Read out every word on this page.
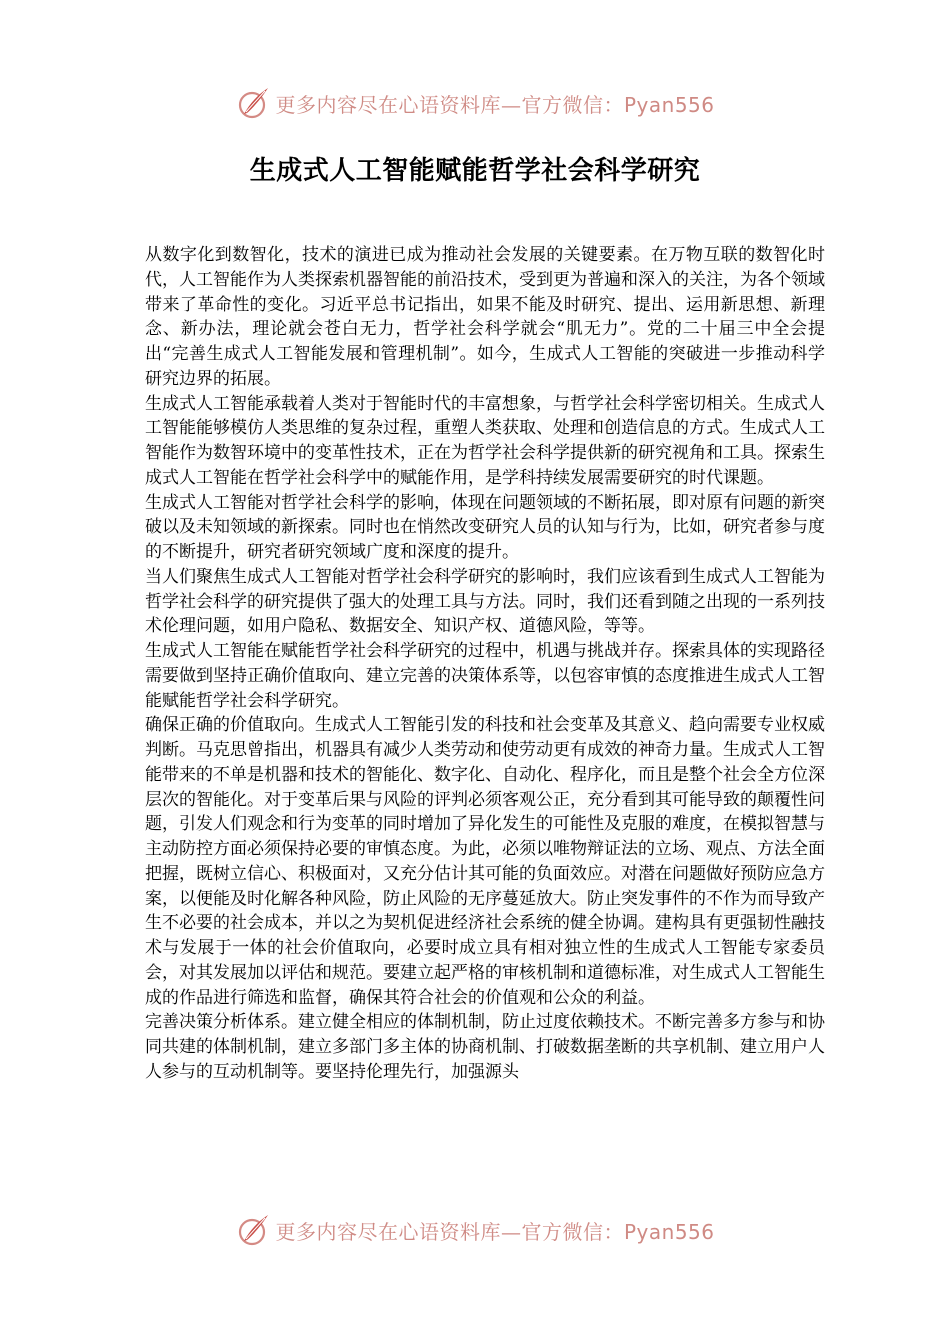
更多内容尽在心语资料库—官方微信：Pyan556
生成式人工智能赋能哲学社会科学研究

从数字化到数智化，技术的演进已成为推动社会发展的关键要素。在万物互联的数智化时代，人工智能作为人类探索机器智能的前沿技术，受到更为普遍和深入的关注，为各个领域带来了革命性的变化。习近平总书记指出，如果不能及时研究、提出、运用新思想、新理念、新办法，理论就会苍白无力，哲学社会科学就会“肌无力”。党的二十届三中全会提出“完善生成式人工智能发展和管理机制”。如今，生成式人工智能的突破进一步推动科学研究边界的拓展。

生成式人工智能承载着人类对于智能时代的丰富想象，与哲学社会科学密切相关。生成式人工智能能够模仿人类思维的复杂过程，重塑人类获取、处理和创造信息的方式。生成式人工智能作为数智环境中的变革性技术，正在为哲学社会科学提供新的研究视角和工具。探索生成式人工智能在哲学社会科学中的赋能作用，是学科持续发展需要研究的时代课题。

生成式人工智能对哲学社会科学的影响，体现在问题领域的不断拓展，即对原有问题的新突破以及未知领域的新探索。同时也在悄然改变研究人员的认知与行为，比如，研究者参与度的不断提升，研究者研究领域广度和深度的提升。

当人们聚焦生成式人工智能对哲学社会科学研究的影响时，我们应该看到生成式人工智能为哲学社会科学的研究提供了强大的处理工具与方法。同时，我们还看到随之出现的一系列技术伦理问题，如用户隐私、数据安全、知识产权、道德风险，等等。

生成式人工智能在赋能哲学社会科学研究的过程中，机遇与挑战并存。探索具体的实现路径需要做到坚持正确价值取向、建立完善的决策体系等，以包容审慎的态度推进生成式人工智能赋能哲学社会科学研究。

确保正确的价值取向。生成式人工智能引发的科技和社会变革及其意义、趋向需要专业权威判断。马克思曾指出，机器具有减少人类劳动和使劳动更有成效的神奇力量。生成式人工智能带来的不单是机器和技术的智能化、数字化、自动化、程序化，而且是整个社会全方位深层次的智能化。对于变革后果与风险的评判必须客观公正，充分看到其可能导致的颠覆性问题，引发人们观念和行为变革的同时增加了异化发生的可能性及克服的难度，在模拟智慧与主动防控方面必须保持必要的审慎态度。为此，必须以唯物辩证法的立场、观点、方法全面把握，既树立信心、积极面对，又充分估计其可能的负面效应。对潜在问题做好预防应急方案，以便能及时化解各种风险，防止风险的无序蔓延放大。防止突发事件的不作为而导致产生不必要的社会成本，并以之为契机促进经济社会系统的健全协调。建构具有更强韧性融技术与发展于一体的社会价值取向，必要时成立具有相对独立性的生成式人工智能专家委员会，对其发展加以评估和规范。要建立起严格的审核机制和道德标准，对生成式人工智能生成的作品进行筛选和监督，确保其符合社会的价值观和公众的利益。

完善决策分析体系。建立健全相应的体制机制，防止过度依赖技术。不断完善多方参与和协同共建的体制机制，建立多部门多主体的协商机制、打破数据垄断的共享机制、建立用户人人参与的互动机制等。要坚持伦理先行，加强源头

更多内容尽在心语资料库—官方微信：Pyan556
